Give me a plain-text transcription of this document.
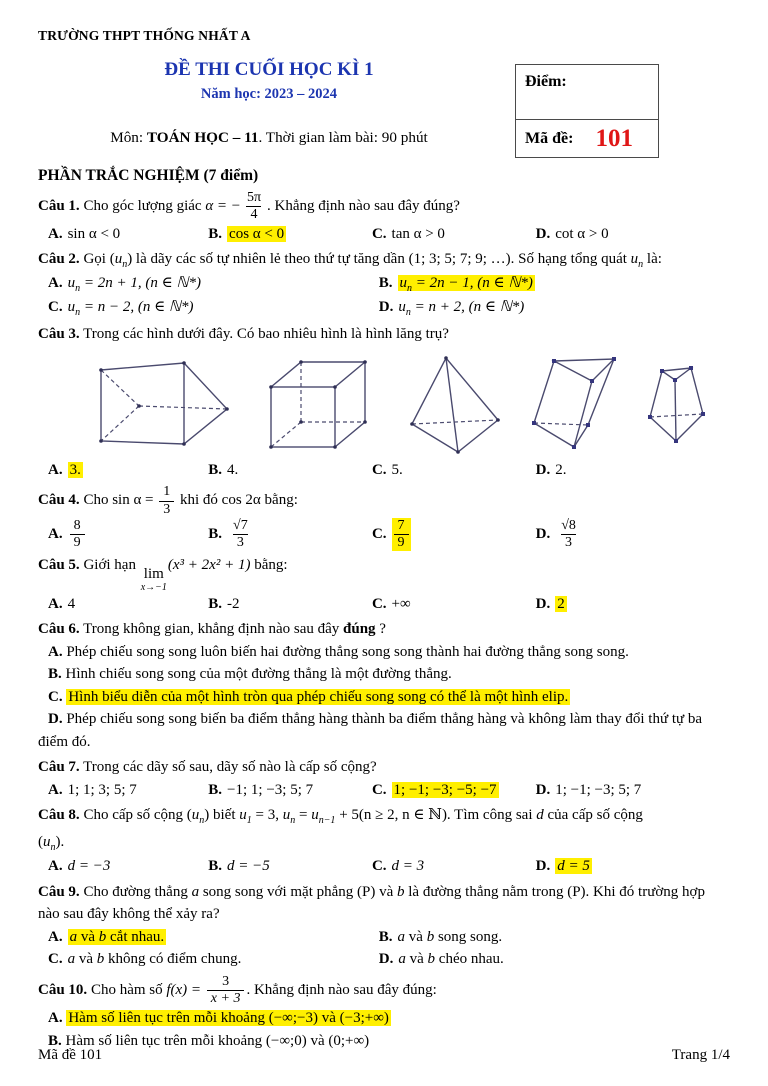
TRƯỜNG THPT THỐNG NHẤT A
ĐỀ THI CUỐI HỌC KÌ 1
Năm học: 2023 – 2024
Môn: TOÁN HỌC – 11. Thời gian làm bài: 90 phút
Điểm:
Mã đề: 101
PHẦN TRẮC NGHIỆM (7 điểm)

Câu 1. Cho góc lượng giác α = − $\frac{5\pi}{4}$ . Khẳng định nào sau đây đúng?

A. sin α < 0	B. cos α < 0	C. tan α > 0	D. cot α > 0

Câu 2. Gọi $(u_n)$ là dãy các số tự nhiên lẻ theo thứ tự tăng dần (1; 3; 5; 7; 9; …). Số hạng tổng quát $u_n$ là:

A. $u_n = 2n + 1$, (n ∈ ℕ*)	B. $u_n = 2n - 1$, (n ∈ ℕ*)
C. $u_n = n - 2$, (n ∈ ℕ*)	D. $u_n = n + 2$, (n ∈ ℕ*)

Câu 3. Trong các hình dưới đây. Có bao nhiêu hình là hình lăng trụ?

A. 3.	B. 4.	C. 5.	D. 2.

Câu 4. Cho $\sin \alpha = \frac{1}{3}$ khi đó cos 2α bằng:

A. $\frac{8}{9}$	B. $\frac{√7}{3}$	C. $\frac{7}{9}$	D. $\frac{√8}{3}$

Câu 5. Giới hạn
lim
x→−1
(x³ + 2x² + 1) bằng:

A. 4	B. -2	C. +∞	D. 2

Câu 6. Trong không gian, khẳng định nào sau đây đúng ?

A. Phép chiếu song song luôn biến hai đường thẳng song song thành hai đường thẳng song song.

B. Hình chiếu song song của một đường thẳng là một đường thẳng.

C. Hình biểu diễn của một hình tròn qua phép chiếu song song có thể là một hình elip.

D. Phép chiếu song song biến ba điểm thẳng hàng thành ba điểm thẳng hàng và không làm thay đổi thứ tự ba điểm đó.

Câu 7. Trong các dãy số sau, dãy số nào là cấp số cộng?

A. 1; 1; 3; 5; 7	B. −1; 1; −3; 5; 7	C. 1; −1; −3; −5; −7	D. 1; −1; −3; 5; 7

Câu 8. Cho cấp số cộng $(u_n)$ biết $u_1 = 3$, $u_n = u_{n-1} + 5(n \ge 2$, n ∈ ℕ). Tìm công sai d của cấp số cộng

$(u_n)$.

A. d = −3	B. d = −5	C. d = 3	D. d = 5

Câu 9. Cho đường thẳng a song song với mặt phẳng (P) và b là đường thẳng nằm trong (P). Khi đó trường hợp nào sau đây không thể xảy ra?

A. a và b cắt nhau.	B. a và b song song.
C. a và b không có điểm chung.	D. a và b chéo nhau.

Câu 10. Cho hàm số $f(x) = \frac{3}{x + 3}$ . Khẳng định nào sau đây đúng:

A. Hàm số liên tục trên mỗi khoảng (−∞;−3) và (−3;+∞)

B. Hàm số liên tục trên mỗi khoảng (−∞;0) và (0;+∞)

Mã đề 101	Trang 1/4
